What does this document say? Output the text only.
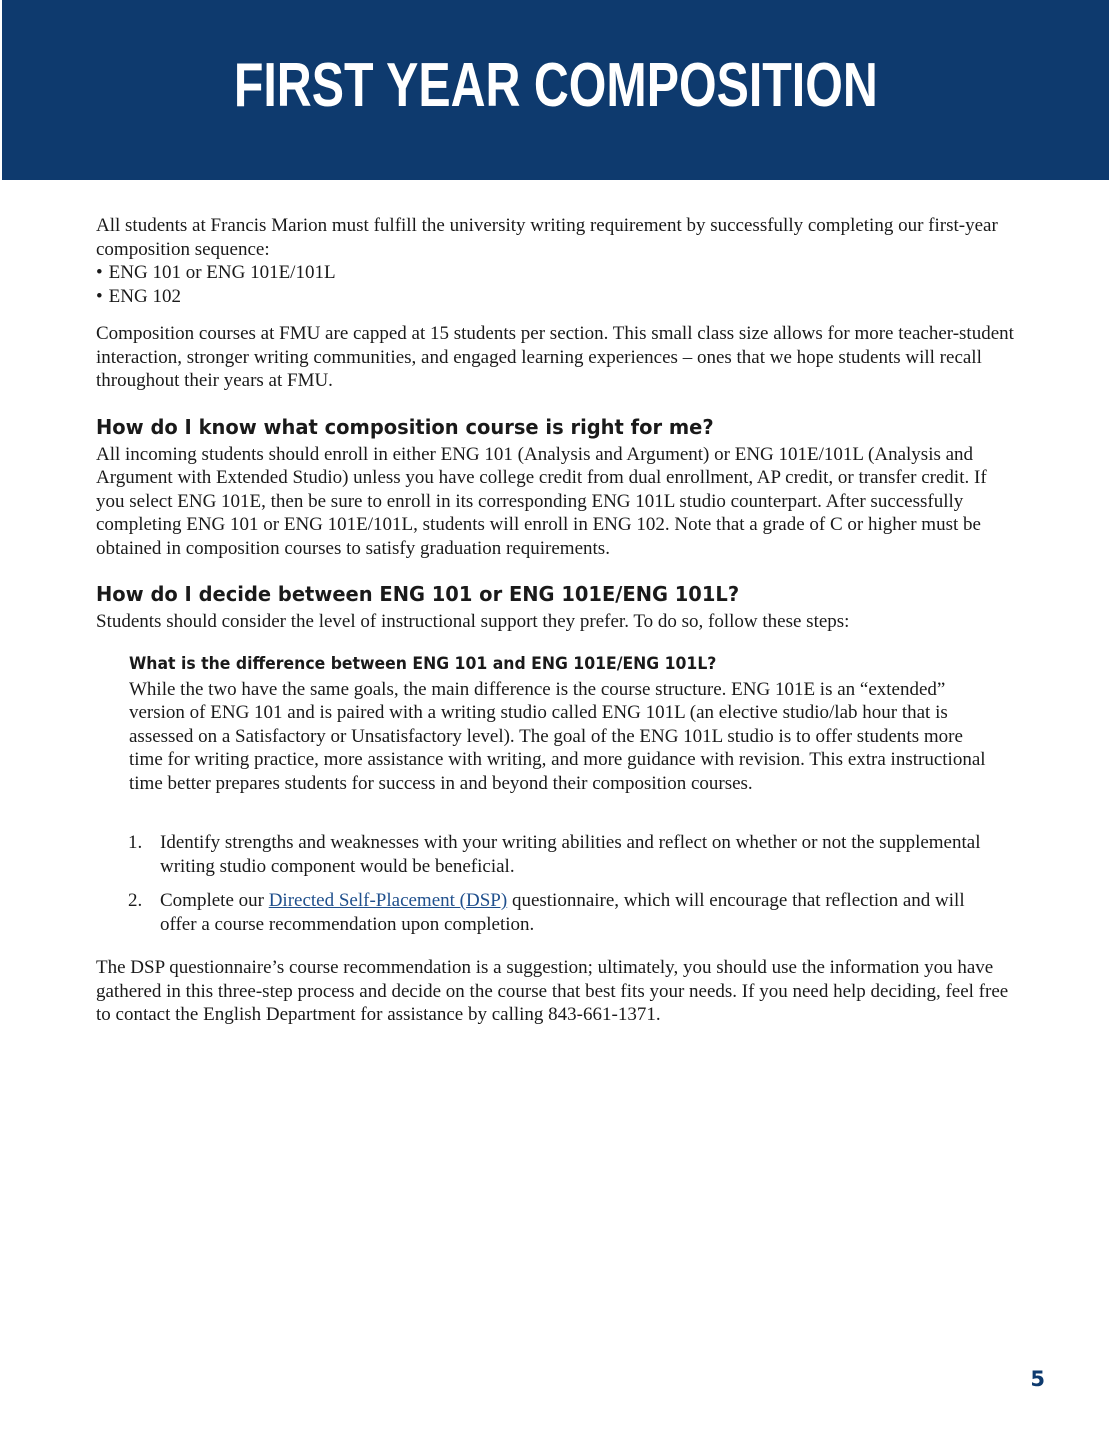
FIRST YEAR COMPOSITION

All students at Francis Marion must fulfill the university writing requirement by successfully completing our first-year composition sequence:

• ENG 101 or ENG 101E/101L
• ENG 102

Composition courses at FMU are capped at 15 students per section. This small class size allows for more teacher-student interaction, stronger writing communities, and engaged learning experiences – ones that we hope students will recall throughout their years at FMU.

How do I know what composition course is right for me?

All incoming students should enroll in either ENG 101 (Analysis and Argument) or ENG 101E/101L (Analysis and Argument with Extended Studio) unless you have college credit from dual enrollment, AP credit, or transfer credit. If you select ENG 101E, then be sure to enroll in its corresponding ENG 101L studio counterpart. After successfully completing ENG 101 or ENG 101E/101L, students will enroll in ENG 102. Note that a grade of C or higher must be obtained in composition courses to satisfy graduation requirements.

How do I decide between ENG 101 or ENG 101E/ENG 101L?

Students should consider the level of instructional support they prefer. To do so, follow these steps:

What is the difference between ENG 101 and ENG 101E/ENG 101L?

While the two have the same goals, the main difference is the course structure. ENG 101E is an “extended” version of ENG 101 and is paired with a writing studio called ENG 101L (an elective studio/lab hour that is assessed on a Satisfactory or Unsatisfactory level). The goal of the ENG 101L studio is to offer students more time for writing practice, more assistance with writing, and more guidance with revision. This extra instructional time better prepares students for success in and beyond their composition courses.

1. Identify strengths and weaknesses with your writing abilities and reflect on whether or not the supplemental writing studio component would be beneficial.
2. Complete our Directed Self-Placement (DSP) questionnaire, which will encourage that reflection and will offer a course recommendation upon completion.

The DSP questionnaire’s course recommendation is a suggestion; ultimately, you should use the information you have gathered in this three-step process and decide on the course that best fits your needs. If you need help deciding, feel free to contact the English Department for assistance by calling 843-661-1371.

5
